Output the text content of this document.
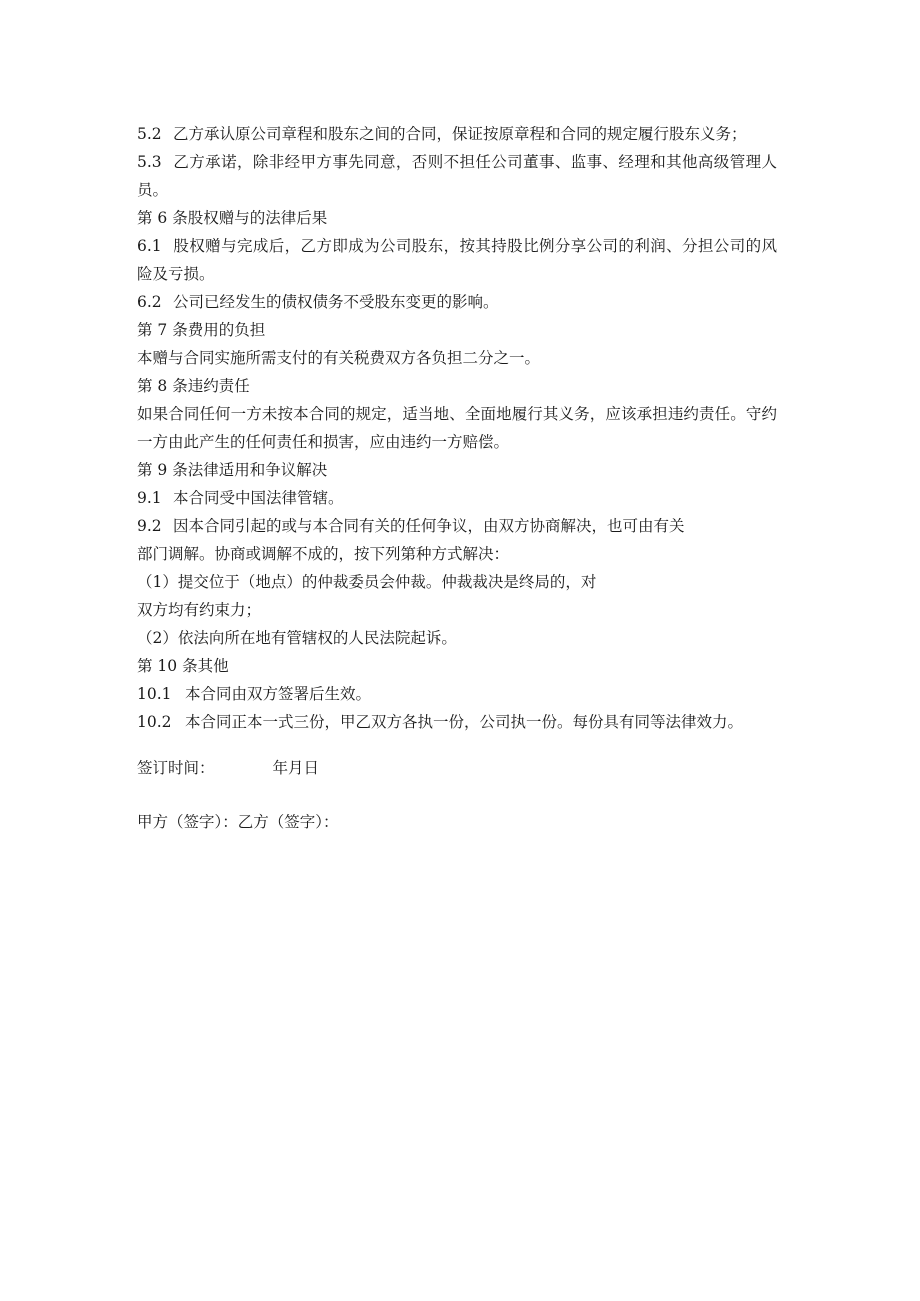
5.2 乙方承认原公司章程和股东之间的合同，保证按原章程和合同的规定履行股东义务；

5.3 乙方承诺，除非经甲方事先同意，否则不担任公司董事、监事、经理和其他高级管理人员。

第 6 条股权赠与的法律后果

6.1 股权赠与完成后，乙方即成为公司股东，按其持股比例分享公司的利润、分担公司的风险及亏损。

6.2 公司已经发生的债权债务不受股东变更的影响。

第 7 条费用的负担

本赠与合同实施所需支付的有关税费双方各负担二分之一。

第 8 条违约责任

如果合同任何一方未按本合同的规定，适当地、全面地履行其义务，应该承担违约责任。守约一方由此产生的任何责任和损害，应由违约一方赔偿。

第 9 条法律适用和争议解决

9.1 本合同受中国法律管辖。

9.2 因本合同引起的或与本合同有关的任何争议，由双方协商解决，也可由有关

部门调解。协商或调解不成的，按下列第种方式解决：

（1）提交位于（地点）的仲裁委员会仲裁。仲裁裁决是终局的，对

双方均有约束力；

（2）依法向所在地有管辖权的人民法院起诉。

第 10 条其他

10.1 本合同由双方签署后生效。

10.2 本合同正本一式三份，甲乙双方各执一份，公司执一份。每份具有同等法律效力。

签订时间：	年月日

甲方（签字）：乙方（签字）：
